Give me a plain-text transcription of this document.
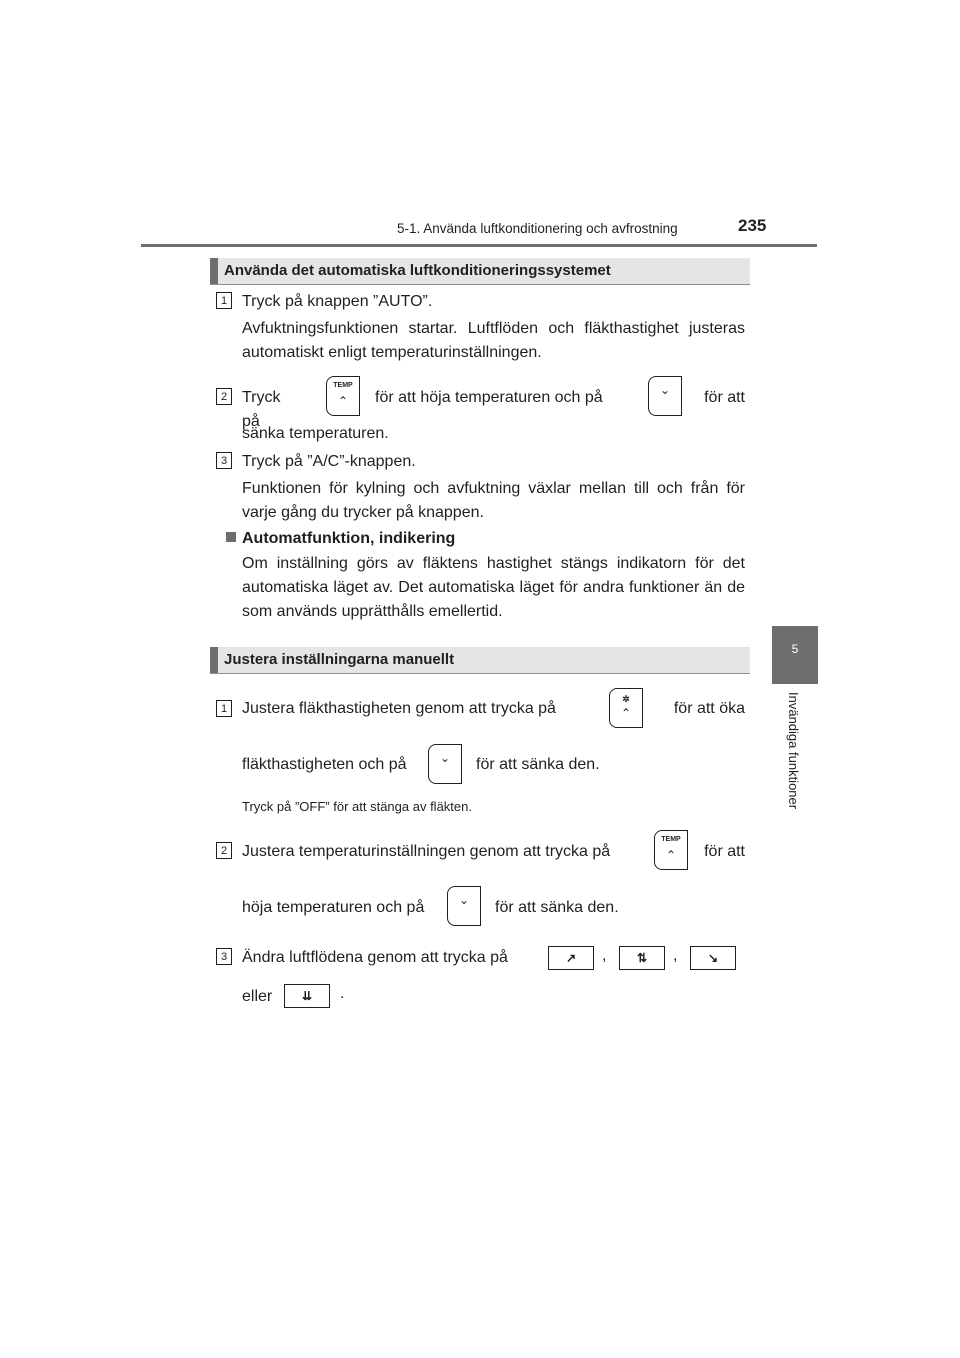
5-1. Använda luftkonditionering och avfrostning	235
5
Invändiga funktioner
Använda det automatiska luftkonditioneringssystemet
1 Tryck på knappen ”AUTO”.
Avfuktningsfunktionen startar. Luftflöden och fläkthastighet justeras automatiskt enligt temperaturinställningen.
2 Tryck på
TEMP
⌃	för att höja temperaturen och på	⌄	för att
sänka temperaturen.
3 Tryck på ”A/C”-knappen.
Funktionen för kylning och avfuktning växlar mellan till och från för varje gång du trycker på knappen.
Automatfunktion, indikering
Om inställning görs av fläktens hastighet stängs indikatorn för det automatiska läget av. Det automatiska läget för andra funktioner än de som används upprätthålls emellertid.
Justera inställningarna manuellt
1 Justera fläkthastigheten genom att trycka på
✲
⌃	för att öka
fläkthastigheten och på	⌄	för att sänka den.
Tryck på ”OFF” för att stänga av fläkten.
2 Justera temperaturinställningen genom att trycka på
TEMP
⌃	för att
höja temperaturen och på	⌄	för att sänka den.
3 Ändra luftflödena genom att trycka på	↗	,	⇅	,	↘
eller	⇊	.
